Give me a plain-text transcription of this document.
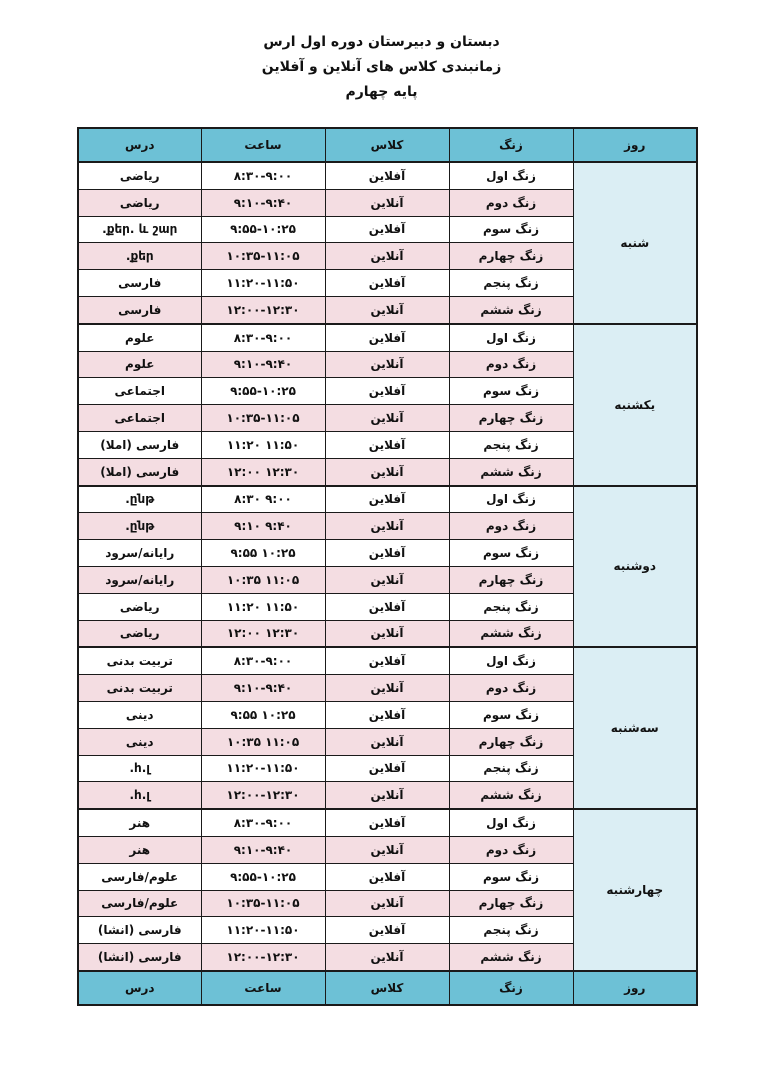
دبستان و دبیرستان دوره اول ارس
زمانبندی کلاس های آنلاین و آفلاین
پایه چهارم
روز	زنگ	کلاس	ساعت	درس
شنبه	زنگ اول	آفلاین	۸:۳۰-۹:۰۰	ریاضی
	زنگ دوم	آنلاین	۹:۱۰-۹:۴۰	ریاضی
	زنگ سوم	آفلاین	۹:۵۵-۱۰:۲۵	քեր. և շար.
	زنگ چهارم	آنلاین	۱۰:۳۵-۱۱:۰۵	քեր.
	زنگ پنجم	آفلاین	۱۱:۲۰-۱۱:۵۰	فارسی
	زنگ ششم	آنلاین	۱۲:۰۰-۱۲:۳۰	فارسی
یکشنبه	زنگ اول	آفلاین	۸:۳۰-۹:۰۰	علوم
	زنگ دوم	آنلاین	۹:۱۰-۹:۴۰	علوم
	زنگ سوم	آفلاین	۹:۵۵-۱۰:۲۵	اجتماعی
	زنگ چهارم	آنلاین	۱۰:۳۵-۱۱:۰۵	اجتماعی
	زنگ پنجم	آفلاین	۱۱:۲۰ ۱۱:۵۰	فارسی (املا)
	زنگ ششم	آنلاین	۱۲:۰۰ ۱۲:۳۰	فارسی (املا)
دوشنبه	زنگ اول	آفلاین	۸:۳۰ ۹:۰۰	ընթ.
	زنگ دوم	آنلاین	۹:۱۰ ۹:۴۰	ընթ.
	زنگ سوم	آفلاین	۹:۵۵ ۱۰:۲۵	رایانه/سرود
	زنگ چهارم	آنلاین	۱۰:۳۵ ۱۱:۰۵	رایانه/سرود
	زنگ پنجم	آفلاین	۱۱:۲۰ ۱۱:۵۰	ریاضی
	زنگ ششم	آنلاین	۱۲:۰۰ ۱۲:۳۰	ریاضی
سه‌شنبه	زنگ اول	آفلاین	۸:۳۰-۹:۰۰	تربیت بدنی
	زنگ دوم	آنلاین	۹:۱۰-۹:۴۰	تربیت بدنی
	زنگ سوم	آفلاین	۹:۵۵ ۱۰:۲۵	دینی
	زنگ چهارم	آنلاین	۱۰:۳۵ ۱۱:۰۵	دینی
	زنگ پنجم	آفلاین	۱۱:۲۰-۱۱:۵۰	հ.լ.
	زنگ ششم	آنلاین	۱۲:۰۰-۱۲:۳۰	հ.լ.
چهارشنبه	زنگ اول	آفلاین	۸:۳۰-۹:۰۰	هنر
	زنگ دوم	آنلاین	۹:۱۰-۹:۴۰	هنر
	زنگ سوم	آفلاین	۹:۵۵-۱۰:۲۵	علوم/فارسی
	زنگ چهارم	آنلاین	۱۰:۳۵-۱۱:۰۵	علوم/فارسی
	زنگ پنجم	آفلاین	۱۱:۲۰-۱۱:۵۰	فارسی (انشا)
	زنگ ششم	آنلاین	۱۲:۰۰-۱۲:۳۰	فارسی (انشا)
روز	زنگ	کلاس	ساعت	درس
